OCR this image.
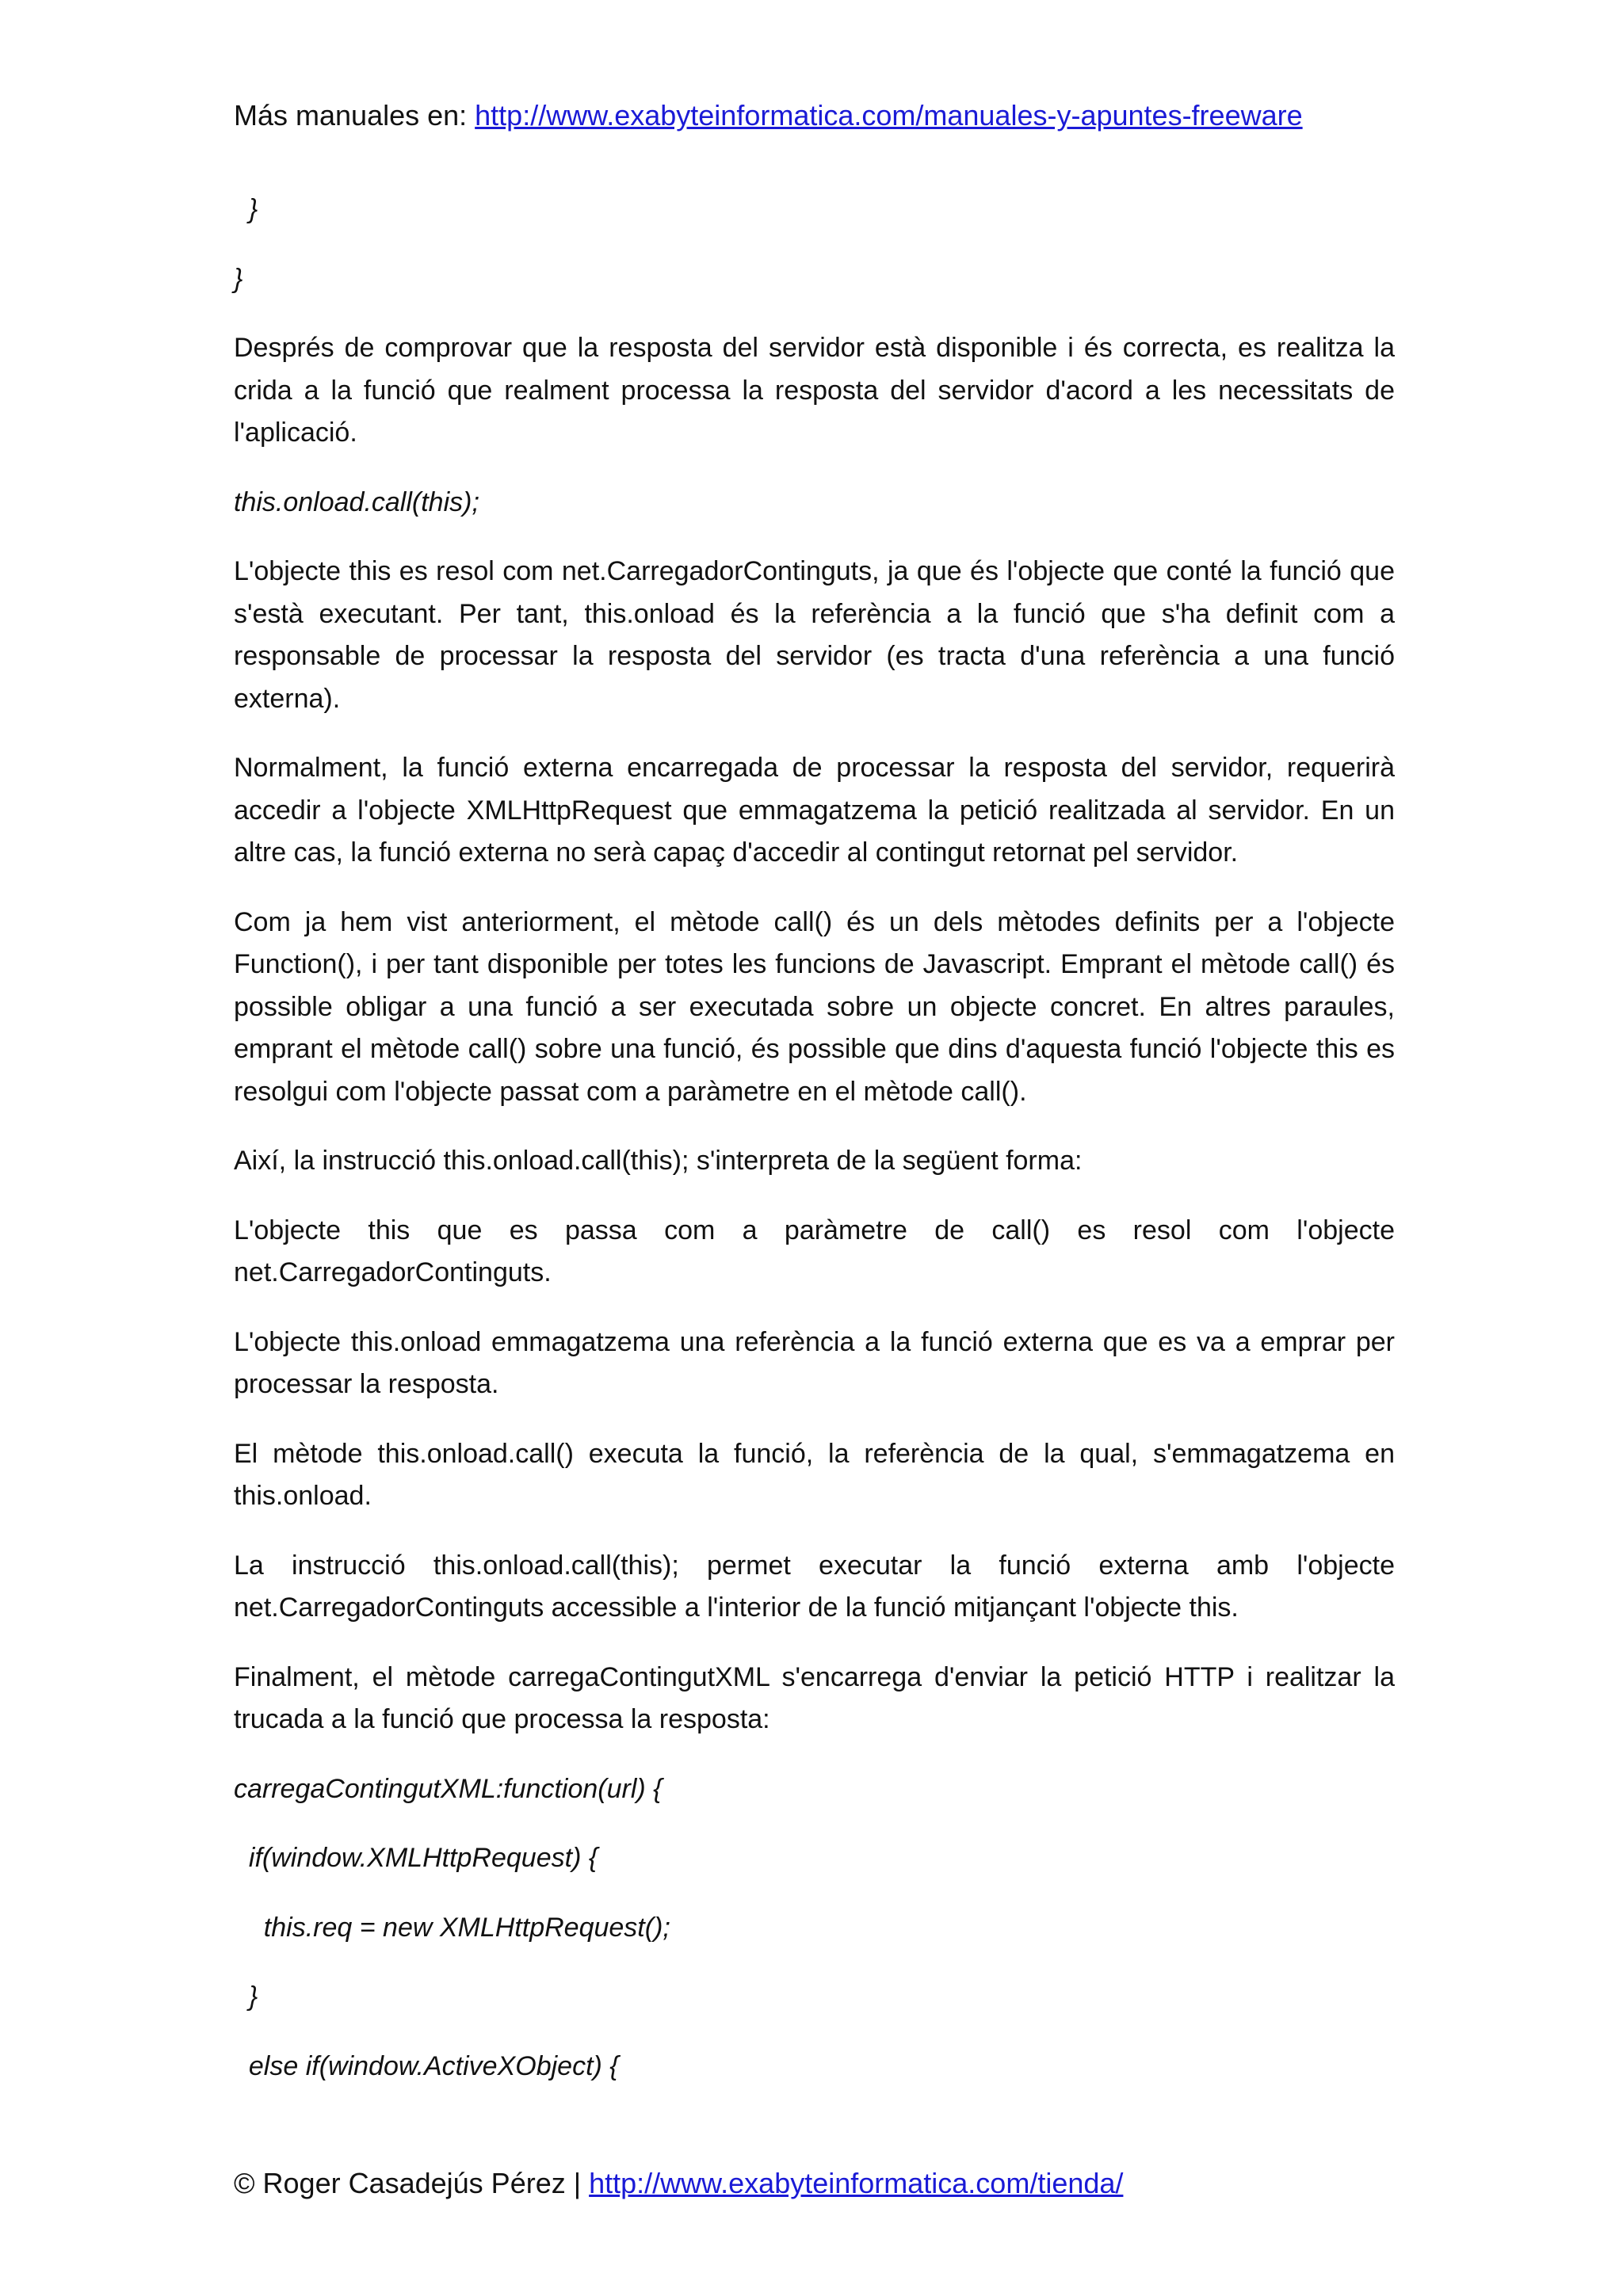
Más manuales en: http://www.exabyteinformatica.com/manuales-y-apuntes-freeware

}

}

Després de comprovar que la resposta del servidor està disponible i és correcta, es realitza la crida a la funció que realment processa la resposta del servidor d'acord a les necessitats de l'aplicació.

this.onload.call(this);

L'objecte this es resol com net.CarregadorContinguts, ja que és l'objecte que conté la funció que s'està executant. Per tant, this.onload és la referència a la funció que s'ha definit com a responsable de processar la resposta del servidor (es tracta d'una referència a una funció externa).

Normalment, la funció externa encarregada de processar la resposta del servidor, requerirà accedir a l'objecte XMLHttpRequest que emmagatzema la petició realitzada al servidor. En un altre cas, la funció externa no serà capaç d'accedir al contingut retornat pel servidor.

Com ja hem vist anteriorment, el mètode call() és un dels mètodes definits per a l'objecte Function(), i per tant disponible per totes les funcions de Javascript. Emprant el mètode call() és possible obligar a una funció a ser executada sobre un objecte concret. En altres paraules, emprant el mètode call() sobre una funció, és possible que dins d'aquesta funció l'objecte this es resolgui com l'objecte passat com a paràmetre en el mètode call().

Així, la instrucció this.onload.call(this); s'interpreta de la següent forma:

L'objecte this que es passa com a paràmetre de call() es resol com l'objecte net.CarregadorContinguts.

L'objecte this.onload emmagatzema una referència a la funció externa que es va a emprar per processar la resposta.

El mètode this.onload.call() executa la funció, la referència de la qual, s'emmagatzema en this.onload.

La instrucció this.onload.call(this); permet executar la funció externa amb l'objecte net.CarregadorContinguts accessible a l'interior de la funció mitjançant l'objecte this.

Finalment, el mètode carregaContingutXML s'encarrega d'enviar la petició HTTP i realitzar la trucada a la funció que processa la resposta:

carregaContingutXML:function(url) {

if(window.XMLHttpRequest) {

this.req = new XMLHttpRequest();

}

else if(window.ActiveXObject) {

© Roger Casadejús Pérez | http://www.exabyteinformatica.com/tienda/
